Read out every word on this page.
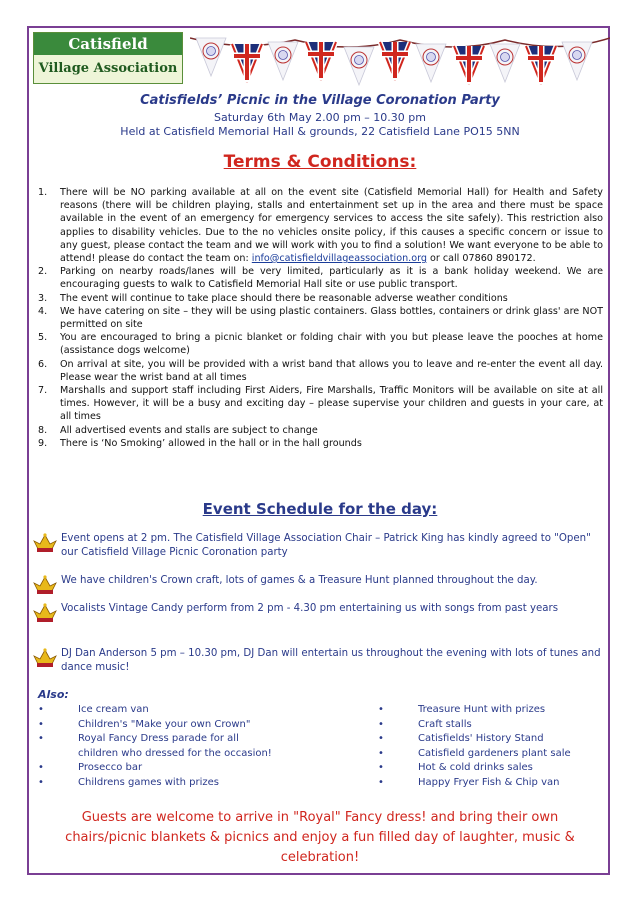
Catisfield
Village Association
Catisfields’ Picnic in the Village Coronation Party
Saturday 6th May 2.00 pm – 10.30 pm
Held at Catisfield Memorial Hall & grounds, 22 Catisfield Lane PO15 5NN
Terms & Conditions:
1.	There will be NO parking available at all on the event site (Catisfield Memorial Hall) for Health and Safety reasons (there will be children playing, stalls and entertainment set up in the area and there must be space available in the event of an emergency for emergency services to access the site safely). This restriction also applies to disability vehicles. Due to the no vehicles onsite policy, if this causes a specific concern or issue to any guest, please contact the team and we will work with you to find a solution! We want everyone to be able to attend! please do contact the team on: info@catisfieldvillageassociation.org or call 07860 890172.
2.	Parking on nearby roads/lanes will be very limited, particularly as it is a bank holiday weekend. We are encouraging guests to walk to Catisfield Memorial Hall site or use public transport.
3.	The event will continue to take place should there be reasonable adverse weather conditions
4.	We have catering on site – they will be using plastic containers. Glass bottles, containers or drink glass' are NOT permitted on site
5.	You are encouraged to bring a picnic blanket or folding chair with you but please leave the pooches at home (assistance dogs welcome)
6.	On arrival at site, you will be provided with a wrist band that allows you to leave and re-enter the event all day. Please wear the wrist band at all times
7.	Marshalls and support staff including First Aiders, Fire Marshalls, Traffic Monitors will be available on site at all times. However, it will be a busy and exciting day – please supervise your children and guests in your care, at all times
8.	All advertised events and stalls are subject to change
9.	There is ‘No Smoking’ allowed in the hall or in the hall grounds
Event Schedule for the day:
Event opens at 2 pm. The Catisfield Village Association Chair – Patrick King has kindly agreed to "Open" our Catisfield Village Picnic Coronation party
We have children's Crown craft, lots of games & a Treasure Hunt planned throughout the day.
Vocalists Vintage Candy perform from 2 pm - 4.30 pm entertaining us with songs from past years
DJ Dan Anderson 5 pm – 10.30 pm, DJ Dan will entertain us throughout the evening with lots of tunes and dance music!
Also:
•	Ice cream van
•	Children's "Make your own Crown"
•	Royal Fancy Dress parade for all
children who dressed for the occasion!
•	Prosecco bar
•	Childrens games with prizes
•	Treasure Hunt with prizes
•	Craft stalls
•	Catisfields' History Stand
•	Catisfield gardeners plant sale
•	Hot & cold drinks sales
•	Happy Fryer Fish & Chip van
Guests are welcome to arrive in "Royal" Fancy dress! and bring their own
chairs/picnic blankets & picnics and enjoy a fun filled day of laughter, music &
celebration!
